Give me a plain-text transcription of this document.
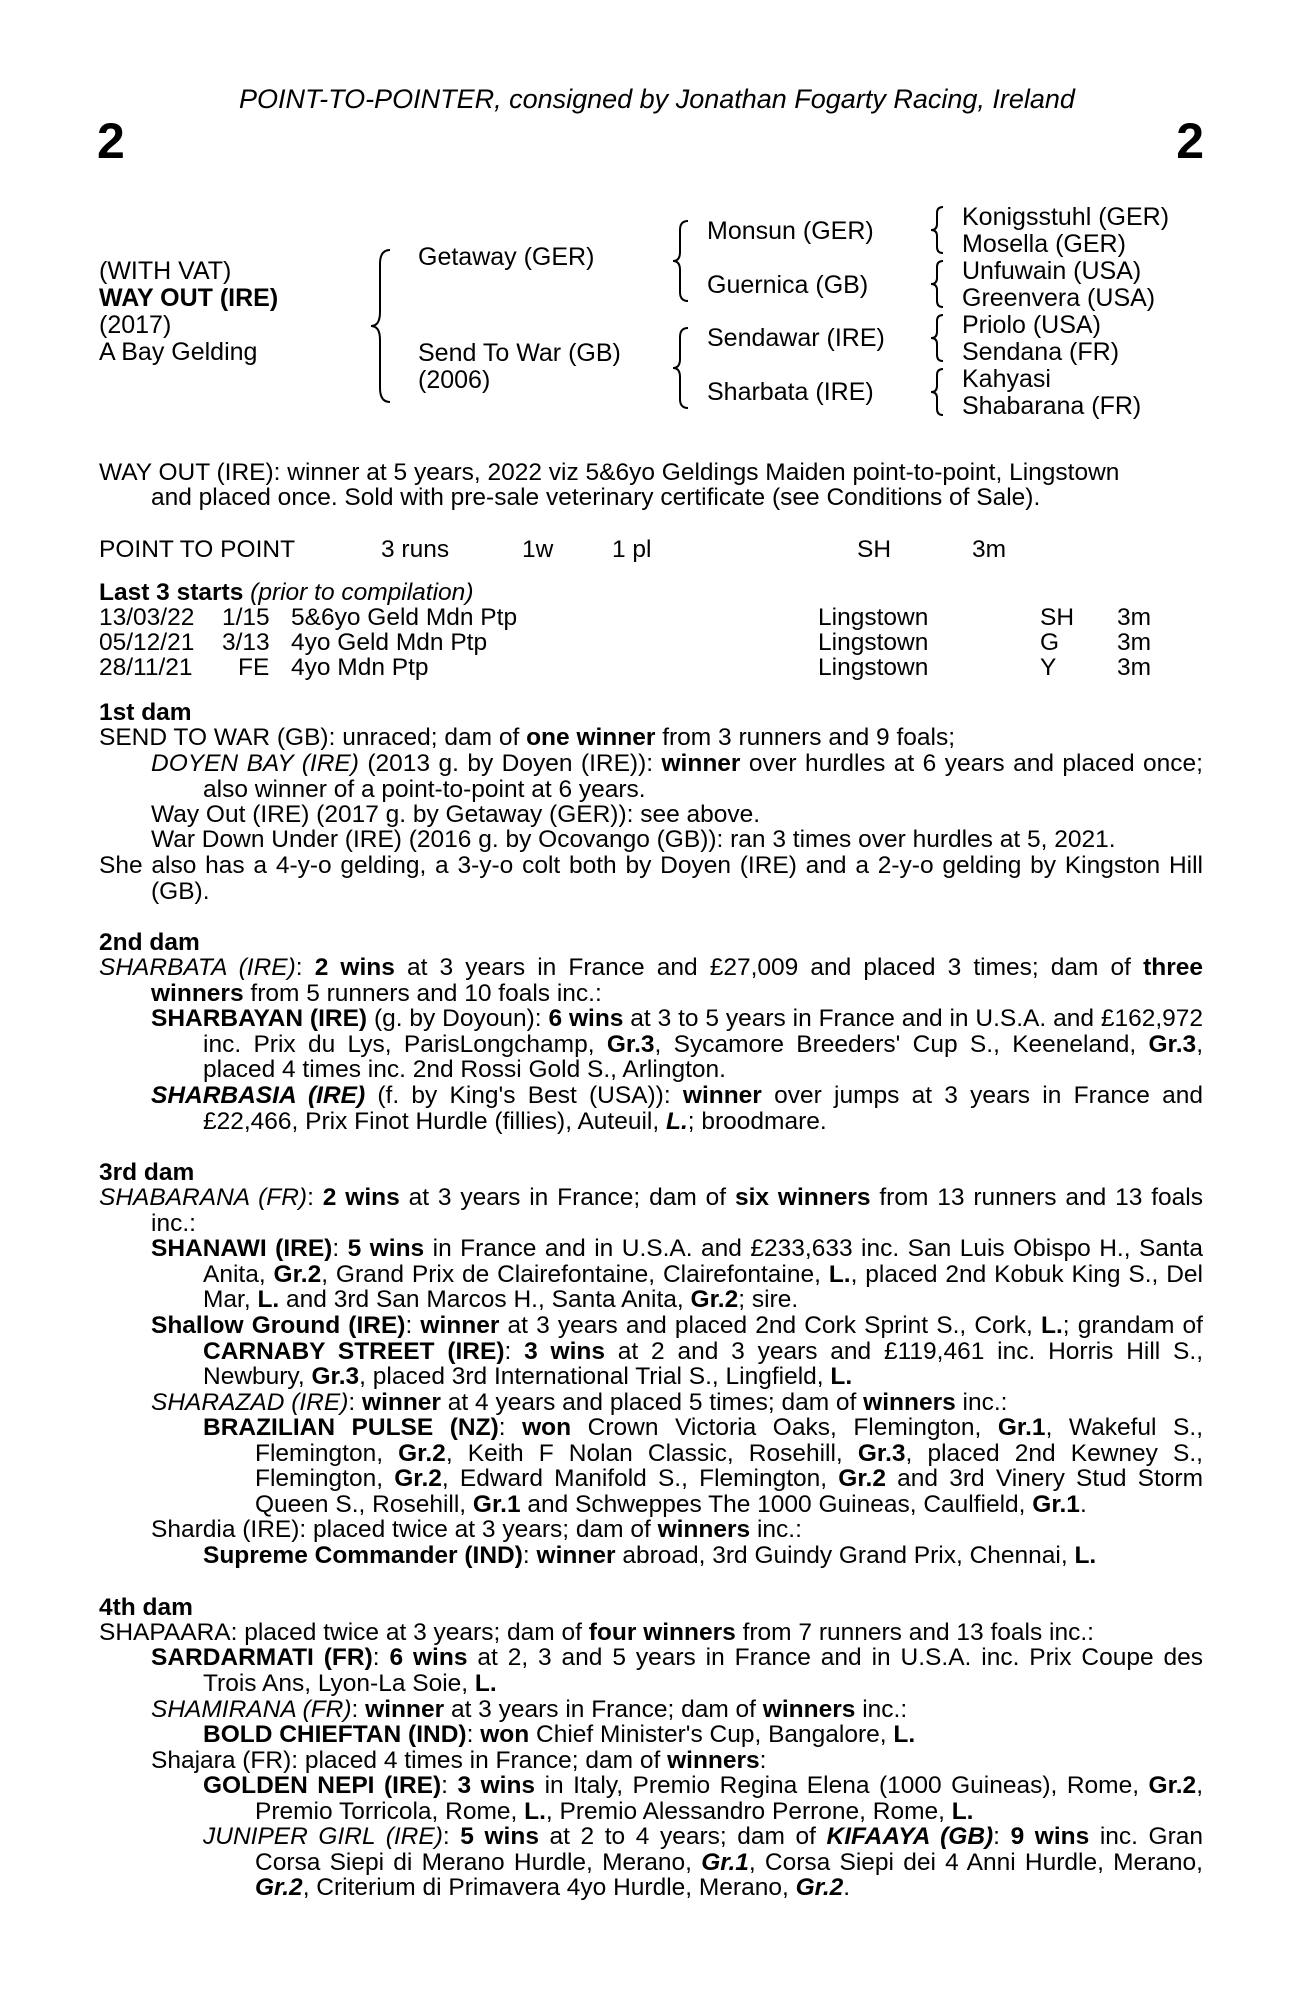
POINT-TO-POINTER, consigned by Jonathan Fogarty Racing, Ireland
2	2
(WITH VAT)
WAY OUT (IRE)
(2017)
A Bay Gelding
Getaway (GER)
Send To War (GB)
(2006)
Monsun (GER)
Guernica (GB)
Sendawar (IRE)
Sharbata (IRE)
Konigsstuhl (GER)
Mosella (GER)
Unfuwain (USA)
Greenvera (USA)
Priolo (USA)
Sendana (FR)
Kahyasi
Shabarana (FR)
WAY OUT (IRE): winner at 5 years, 2022 viz 5&6yo Geldings Maiden point-to-point, Lingstown
and placed once. Sold with pre-sale veterinary certificate (see Conditions of Sale).
POINT TO POINT	3 runs	1w 1 pl	SH	3m
Last 3 starts (prior to compilation)
13/03/22 1/15 5&6yo Geld Mdn Ptp	Lingstown	SH 3m
05/12/21 3/13 4yo Geld Mdn Ptp	Lingstown	G 3m
28/11/21 FE 4yo Mdn Ptp	Lingstown	Y 3m
1st dam
SEND TO WAR (GB): unraced; dam of one winner from 3 runners and 9 foals;
DOYEN BAY (IRE) (2013 g. by Doyen (IRE)): winner over hurdles at 6 years and placed once; also winner of a point-to-point at 6 years.
Way Out (IRE) (2017 g. by Getaway (GER)): see above.
War Down Under (IRE) (2016 g. by Ocovango (GB)): ran 3 times over hurdles at 5, 2021.
She also has a 4-y-o gelding, a 3-y-o colt both by Doyen (IRE) and a 2-y-o gelding by Kingston Hill (GB).
2nd dam
SHARBATA (IRE): 2 wins at 3 years in France and £27,009 and placed 3 times; dam of three winners from 5 runners and 10 foals inc.:
SHARBAYAN (IRE) (g. by Doyoun): 6 wins at 3 to 5 years in France and in U.S.A. and £162,972 inc. Prix du Lys, ParisLongchamp, Gr.3, Sycamore Breeders' Cup S., Keeneland, Gr.3, placed 4 times inc. 2nd Rossi Gold S., Arlington.
SHARBASIA (IRE) (f. by King's Best (USA)): winner over jumps at 3 years in France and £22,466, Prix Finot Hurdle (fillies), Auteuil, L.; broodmare.
3rd dam
SHABARANA (FR): 2 wins at 3 years in France; dam of six winners from 13 runners and 13 foals inc.:
SHANAWI (IRE): 5 wins in France and in U.S.A. and £233,633 inc. San Luis Obispo H., Santa Anita, Gr.2, Grand Prix de Clairefontaine, Clairefontaine, L., placed 2nd Kobuk King S., Del Mar, L. and 3rd San Marcos H., Santa Anita, Gr.2; sire.
Shallow Ground (IRE): winner at 3 years and placed 2nd Cork Sprint S., Cork, L.; grandam of CARNABY STREET (IRE): 3 wins at 2 and 3 years and £119,461 inc. Horris Hill S., Newbury, Gr.3, placed 3rd International Trial S., Lingfield, L.
SHARAZAD (IRE): winner at 4 years and placed 5 times; dam of winners inc.:
BRAZILIAN PULSE (NZ): won Crown Victoria Oaks, Flemington, Gr.1, Wakeful S., Flemington, Gr.2, Keith F Nolan Classic, Rosehill, Gr.3, placed 2nd Kewney S., Flemington, Gr.2, Edward Manifold S., Flemington, Gr.2 and 3rd Vinery Stud Storm Queen S., Rosehill, Gr.1 and Schweppes The 1000 Guineas, Caulfield, Gr.1.
Shardia (IRE): placed twice at 3 years; dam of winners inc.:
Supreme Commander (IND): winner abroad, 3rd Guindy Grand Prix, Chennai, L.
4th dam
SHAPAARA: placed twice at 3 years; dam of four winners from 7 runners and 13 foals inc.:
SARDARMATI (FR): 6 wins at 2, 3 and 5 years in France and in U.S.A. inc. Prix Coupe des Trois Ans, Lyon-La Soie, L.
SHAMIRANA (FR): winner at 3 years in France; dam of winners inc.:
BOLD CHIEFTAN (IND): won Chief Minister's Cup, Bangalore, L.
Shajara (FR): placed 4 times in France; dam of winners:
GOLDEN NEPI (IRE): 3 wins in Italy, Premio Regina Elena (1000 Guineas), Rome, Gr.2, Premio Torricola, Rome, L., Premio Alessandro Perrone, Rome, L.
JUNIPER GIRL (IRE): 5 wins at 2 to 4 years; dam of KIFAAYA (GB): 9 wins inc. Gran Corsa Siepi di Merano Hurdle, Merano, Gr.1, Corsa Siepi dei 4 Anni Hurdle, Merano, Gr.2, Criterium di Primavera 4yo Hurdle, Merano, Gr.2.
